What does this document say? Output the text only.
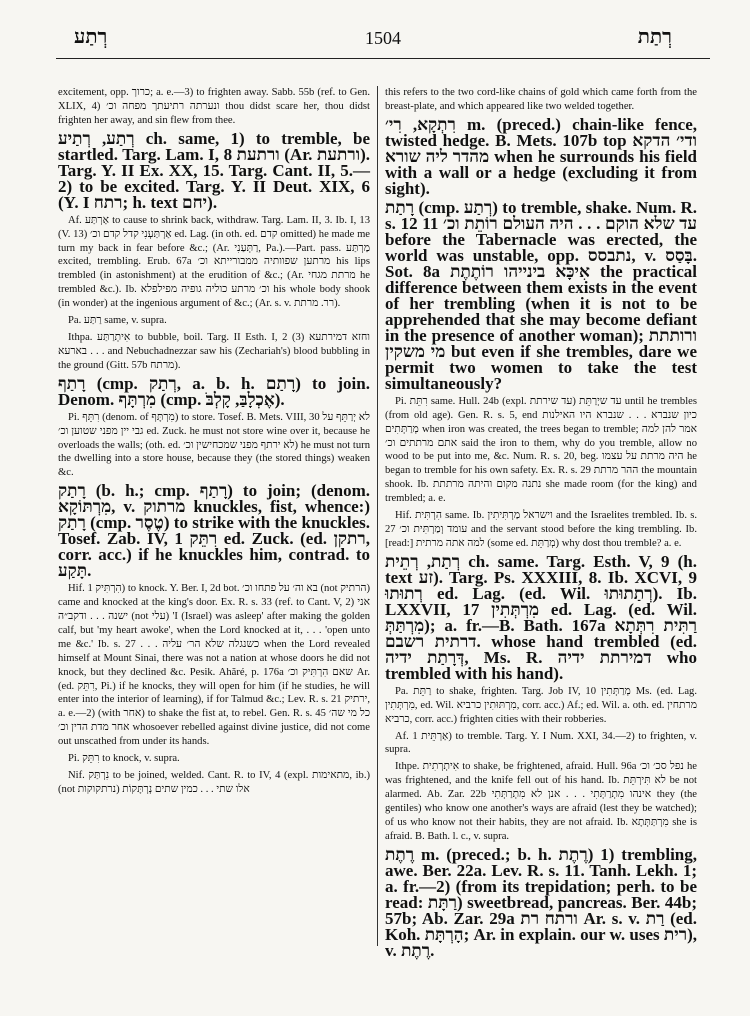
רְתַע	1504	רְתַת

excitement, opp. כרוך; a. e.—3) to frighten away. Sabb. 55b (ref. to Gen. XLIX, 4) ונערתה רתיעתך מפחה וכ׳ thou didst scare her, thou didst frighten her away, and sin flew from thee.

רְתַע, רְתַיע ch. same, 1) to tremble, be startled. Targ. Lam. I, 8 ורתעת (Ar. ורתעת). Targ. Y. II Ex. XX, 15. Targ. Cant. II, 5.—2) to be excited. Targ. Y. II Deut. XIX, 6 (Y. I רתח; h. text יחם).

Af. אַרְתַּע to cause to shrink back, withdraw. Targ. Lam. II, 3. Ib. I, 13 (V. 13) אַרְתַּעְנִי קדל קדם וכ׳ ed. Lag. (in oth. ed. קדם omitted) he made me turn my back in fear before &c.; (Ar. רַתְּעַנִי, Pa.).—Part. pass. מַרְתַּע excited, trembling. Erub. 67a מרתען שפוותיה ממבורייתא וכ׳ his lips trembled (in astonishment) at the erudition of &c.; (Ar. מרתת מגחי he trembled &c.). Ib. וכ׳ מרתע כוליה גופיה מפילפלא his whole body shook (in wonder) at the ingenious argument of &c.; (Ar. s. v. רר. מרתת).

Pa. רַתַּע same, v. supra.

Ithpa. אִיתְרַתַּע to bubble, boil. Targ. II Esth. I, 2 (3) וחזא דמירתעא בארעא . . . and Nebuchadnezzar saw his (Zechariah's) blood bubbling in the ground (Gitt. 57b מרתח).

רָתַף (cmp. רְתַק, a. b. h. רָתַם) to join. Denom. מִרְתָּף (cmp. אֶכְלָבַּ, קָלְבֹּ).

Pi. רִתֵּף (denom. of מִרְתָּף) to store. Tosef. B. Mets. VIII, 30 לא יְרַתֵּף על גבי יין מפני שטוען וכ׳ ed. Zuck. he must not store wine over it, because he overloads the walls; (oth. ed. לא ירתף מפני שמכחישין וכ׳) he must not turn the dwelling into a store house, because they (the stored things) weaken &c.

רָתַק (b. h.; cmp. רָתַף) to join; (denom. מִרְתּוֹקָא, v. מרתוק knuckles, fist, whence:) רָתַק (cmp. טֶסֶר) to strike with the knuckles. Tosef. Zab. IV, 1 רִתֵּק ed. Zuck. (ed. רתקן, corr. acc.) if he knuckles him, contrad. to תָּקַע.

Hif. הִרְתִּיק 1) to knock. Y. Ber. I, 2d bot. בא וה׳ על פתחו וכ׳ (not הרתיק) came and knocked at the king's door. Ex. R. s. 33 (ref. to Cant. V, 2) אני ישנה . . . ודקב״ה (not עלי) 'I (Israel) was asleep' after making the golden calf, but 'my heart awoke', when the Lord knocked at it, . . . 'open unto me &c.' Ib. s. 27 . . . כשנגלה שלא הר׳ עליה when the Lord revealed himself at Mount Sinai, there was not a nation at whose doors he did not knock, but they declined &c. Pesik. Ahăré, p. 176a שאם הִרְתִּיק וכ׳ Ar. (ed. רִתֵּק, Pi.) if he knocks, they will open for him (if he studies, he will enter into the interior of learning), if for Talmud &c.; Lev. R. s. 21 ירתיק, a. e.—2) (with אחר) to shake the fist at, to rebel. Gen. R. s. 45 כל מי שה׳ אחר מדת הדין וכ׳ whosoever rebelled against divine justice, did not come out unscathed from under its hands.

Pi. רִתֵּק to knock, v. supra.

Nif. נִרְתַּק to be joined, welded. Cant. R. to IV, 4 (expl. מתאימות, ib.) (not נרתקוקות) אלו שתי . . . כמין שתים נְרְתָּקוֹת

this refers to the two cord-like chains of gold which came forth from the breast-plate, and which appeared like two welded together.

רִתְקָא, רִי׳ m. (preced.) chain-like fence, twisted hedge. B. Mets. 107b top ודי׳ הדקא מהדר ליה שורא when he surrounds his field with a wall or a hedge (excluding it from sight).

רָתַת (cmp. רְתַע) to tremble, shake. Num. R. s. 12 11 עד שלא הוקם . . . היה העולם רוֹתֵת וכ׳ before the Tabernacle was erected, the world was unstable, opp. נתבסס, v. בָּסַס. Sot. 8a אִיכָּא בינייהו רוֹתֶתֶת the practical difference between them exists in the event of her trembling (when it is not to be apprehended that she may become defiant in the presence of another woman); ורותתת מי משקין but even if she trembles, dare we permit two women to take the test simultaneously?

Pi. רִתֵּת same. Hull. 24b (expl. עד שירתת) עד שיְרַתֵּת until he trembles (from old age). Gen. R. s. 5, end כיון שנברא . . . שנברא היו האילנות מְרַתְּתִים when iron was created, the trees began to tremble; אמר להן למה אתם מרתתים וכ׳ said the iron to them, why do you tremble, allow no wood to be put into me, &c. Num. R. s. 20, beg. היה מרתת על עצמו he began to tremble for his own safety. Ex. R. s. 29 ההר מרתת the mountain shook. Ib. נתנה מקום והיתה מרתתת she made room (for the king) and trembled; a. e.

Hif. הִרְתִּית same. Ib. וישראל מַרְתִּיתִין and the Israelites trembled. Ib. s. 27 עומד וְמַרְתִּית וכ׳ and the servant stood before the king trembling. Ib. [read:] למה אתה מרתית (some ed. מְרַתֵּת) why dost thou tremble? a. e.

רְתַת, רְתֵית ch. same. Targ. Esth. V, 9 (h. text זע). Targ. Ps. XXXIII, 8. Ib. XCVI, 9 רְתוּתוּ ed. Lag. (ed. Wil. רְתַתוּתוּ). Ib. LXXVII, 17 מִרְתְּתִין ed. Lag. (ed. Wil. מִרְתַּתְּ); a. fr.—B. Bath. 167a רַתִּית רִתְּתָא דרתית רשבם. whose hand trembled (ed. דְּרָתַת ידיה, Ms. R. דמירתת ידיה who trembled with his hand).

Pa. רַתֵּת to shake, frighten. Targ. Job IV, 10 מְרַתְּתִין Ms. (ed. Lag. מִרְתְּתִין, ed. Wil. מִרְתּוּתִין כרביא, corr. acc.) Af.; ed. Wil. a. oth. ed. מרתחין כרביא, corr. acc.) frighten cities with their robberies.

Af. אַרְתֵּית 1) to tremble. Targ. Y. I Num. XXI, 34.—2) to frighten, v. supra.

Ithpe. אִיתְרְתִית to shake, be frightened, afraid. Hull. 96a נפל סכ׳ וכ׳ he was frightened, and the knife fell out of his hand. Ib. לא תִּירְתֵּת be not alarmed. Ab. Zar. 22b אינהו מִתְרַתְּתִי . . . אנן לא מִתְרַתְּתִי they (the gentiles) who know one another's ways are afraid (lest they be watched); of us who know not their habits, they are not afraid. Ib. מִרְתַּתְּתָא she is afraid. B. Bath. l. c., v. supra.

רֶתֶת m. (preced.; b. h. רֶתֶת) 1) trembling, awe. Ber. 22a. Lev. R. s. 11. Tanh. Lekh. 1; a. fr.—2) (from its trepidation; perh. to be read: רַתָּת) sweetbread, pancreas. Ber. 44b; 57b; Ab. Zar. 29a ורתח רת Ar. s. v. רַת (ed. Koh. הָרְתָּת; Ar. in explain. our w. uses רית), v. רֶתֶת.
